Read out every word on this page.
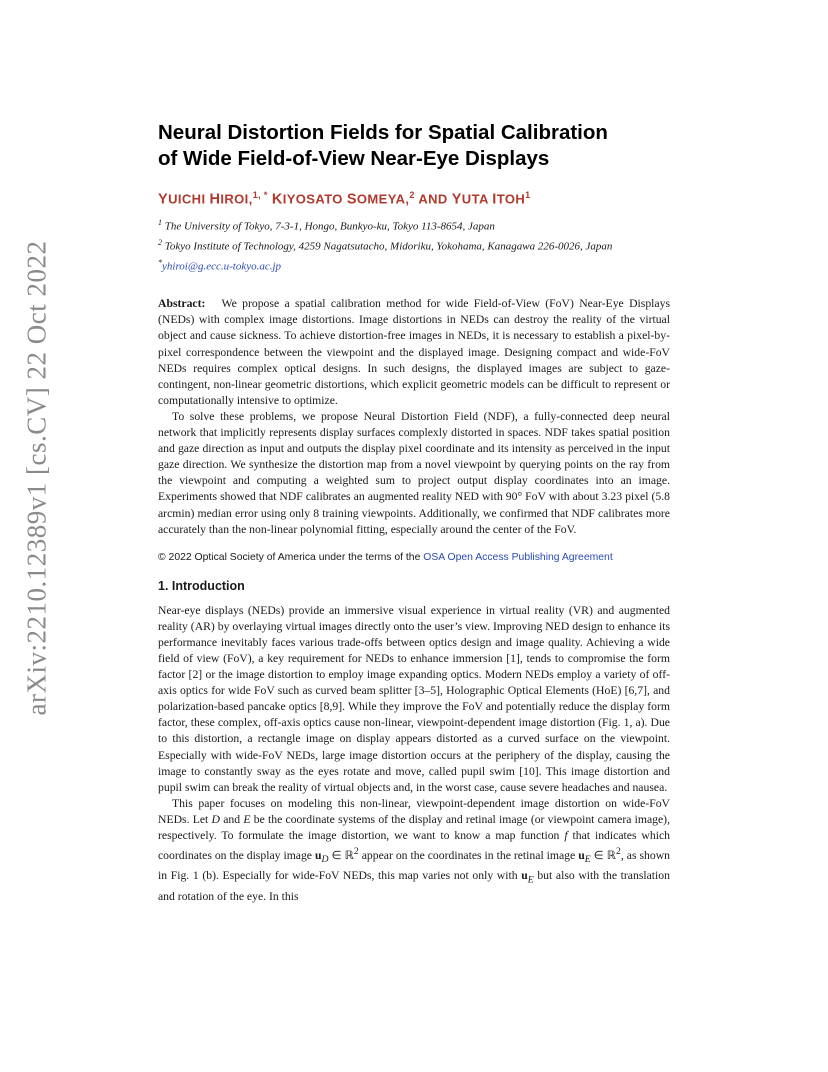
arXiv:2210.12389v1 [cs.CV] 22 Oct 2022
Neural Distortion Fields for Spatial Calibration
of Wide Field-of-View Near-Eye Displays
YUICHI HIROI,$^{1, *}$ KIYOSATO SOMEYA,$^2$ AND YUTA ITOH$^1$
$^1$ The University of Tokyo, 7-3-1, Hongo, Bunkyo-ku, Tokyo 113-8654, Japan
$^2$ Tokyo Institute of Technology, 4259 Nagatsutacho, Midoriku, Yokohama, Kanagawa 226-0026, Japan
*yhiroi@g.ecc.u-tokyo.ac.jp

Abstract: We propose a spatial calibration method for wide Field-of-View (FoV) Near-Eye Displays (NEDs) with complex image distortions. Image distortions in NEDs can destroy the reality of the virtual object and cause sickness. To achieve distortion-free images in NEDs, it is necessary to establish a pixel-by-pixel correspondence between the viewpoint and the displayed image. Designing compact and wide-FoV NEDs requires complex optical designs. In such designs, the displayed images are subject to gaze-contingent, non-linear geometric distortions, which explicit geometric models can be difficult to represent or computationally intensive to optimize.

To solve these problems, we propose Neural Distortion Field (NDF), a fully-connected deep neural network that implicitly represents display surfaces complexly distorted in spaces. NDF takes spatial position and gaze direction as input and outputs the display pixel coordinate and its intensity as perceived in the input gaze direction. We synthesize the distortion map from a novel viewpoint by querying points on the ray from the viewpoint and computing a weighted sum to project output display coordinates into an image. Experiments showed that NDF calibrates an augmented reality NED with 90° FoV with about 3.23 pixel (5.8 arcmin) median error using only 8 training viewpoints. Additionally, we confirmed that NDF calibrates more accurately than the non-linear polynomial fitting, especially around the center of the FoV.

© 2022 Optical Society of America under the terms of the OSA Open Access Publishing Agreement
1. Introduction

Near-eye displays (NEDs) provide an immersive visual experience in virtual reality (VR) and augmented reality (AR) by overlaying virtual images directly onto the user’s view. Improving NED design to enhance its performance inevitably faces various trade-offs between optics design and image quality. Achieving a wide field of view (FoV), a key requirement for NEDs to enhance immersion [1], tends to compromise the form factor [2] or the image distortion to employ image expanding optics. Modern NEDs employ a variety of off-axis optics for wide FoV such as curved beam splitter [3–5], Holographic Optical Elements (HoE) [6,7], and polarization-based pancake optics [8,9]. While they improve the FoV and potentially reduce the display form factor, these complex, off-axis optics cause non-linear, viewpoint-dependent image distortion (Fig. 1, a). Due to this distortion, a rectangle image on display appears distorted as a curved surface on the viewpoint. Especially with wide-FoV NEDs, large image distortion occurs at the periphery of the display, causing the image to constantly sway as the eyes rotate and move, called pupil swim [10]. This image distortion and pupil swim can break the reality of virtual objects and, in the worst case, cause severe headaches and nausea.

This paper focuses on modeling this non-linear, viewpoint-dependent image distortion on wide-FoV NEDs. Let D and E be the coordinate systems of the display and retinal image (or viewpoint camera image), respectively. To formulate the image distortion, we want to know a map function f that indicates which coordinates on the display image $u_D$ ∈ ℝ$^2$ appear on the coordinates in the retinal image $u_E$ ∈ ℝ$^2$, as shown in Fig. 1 (b). Especially for wide-FoV NEDs, this map varies not only with $u_E$ but also with the translation and rotation of the eye. In this
